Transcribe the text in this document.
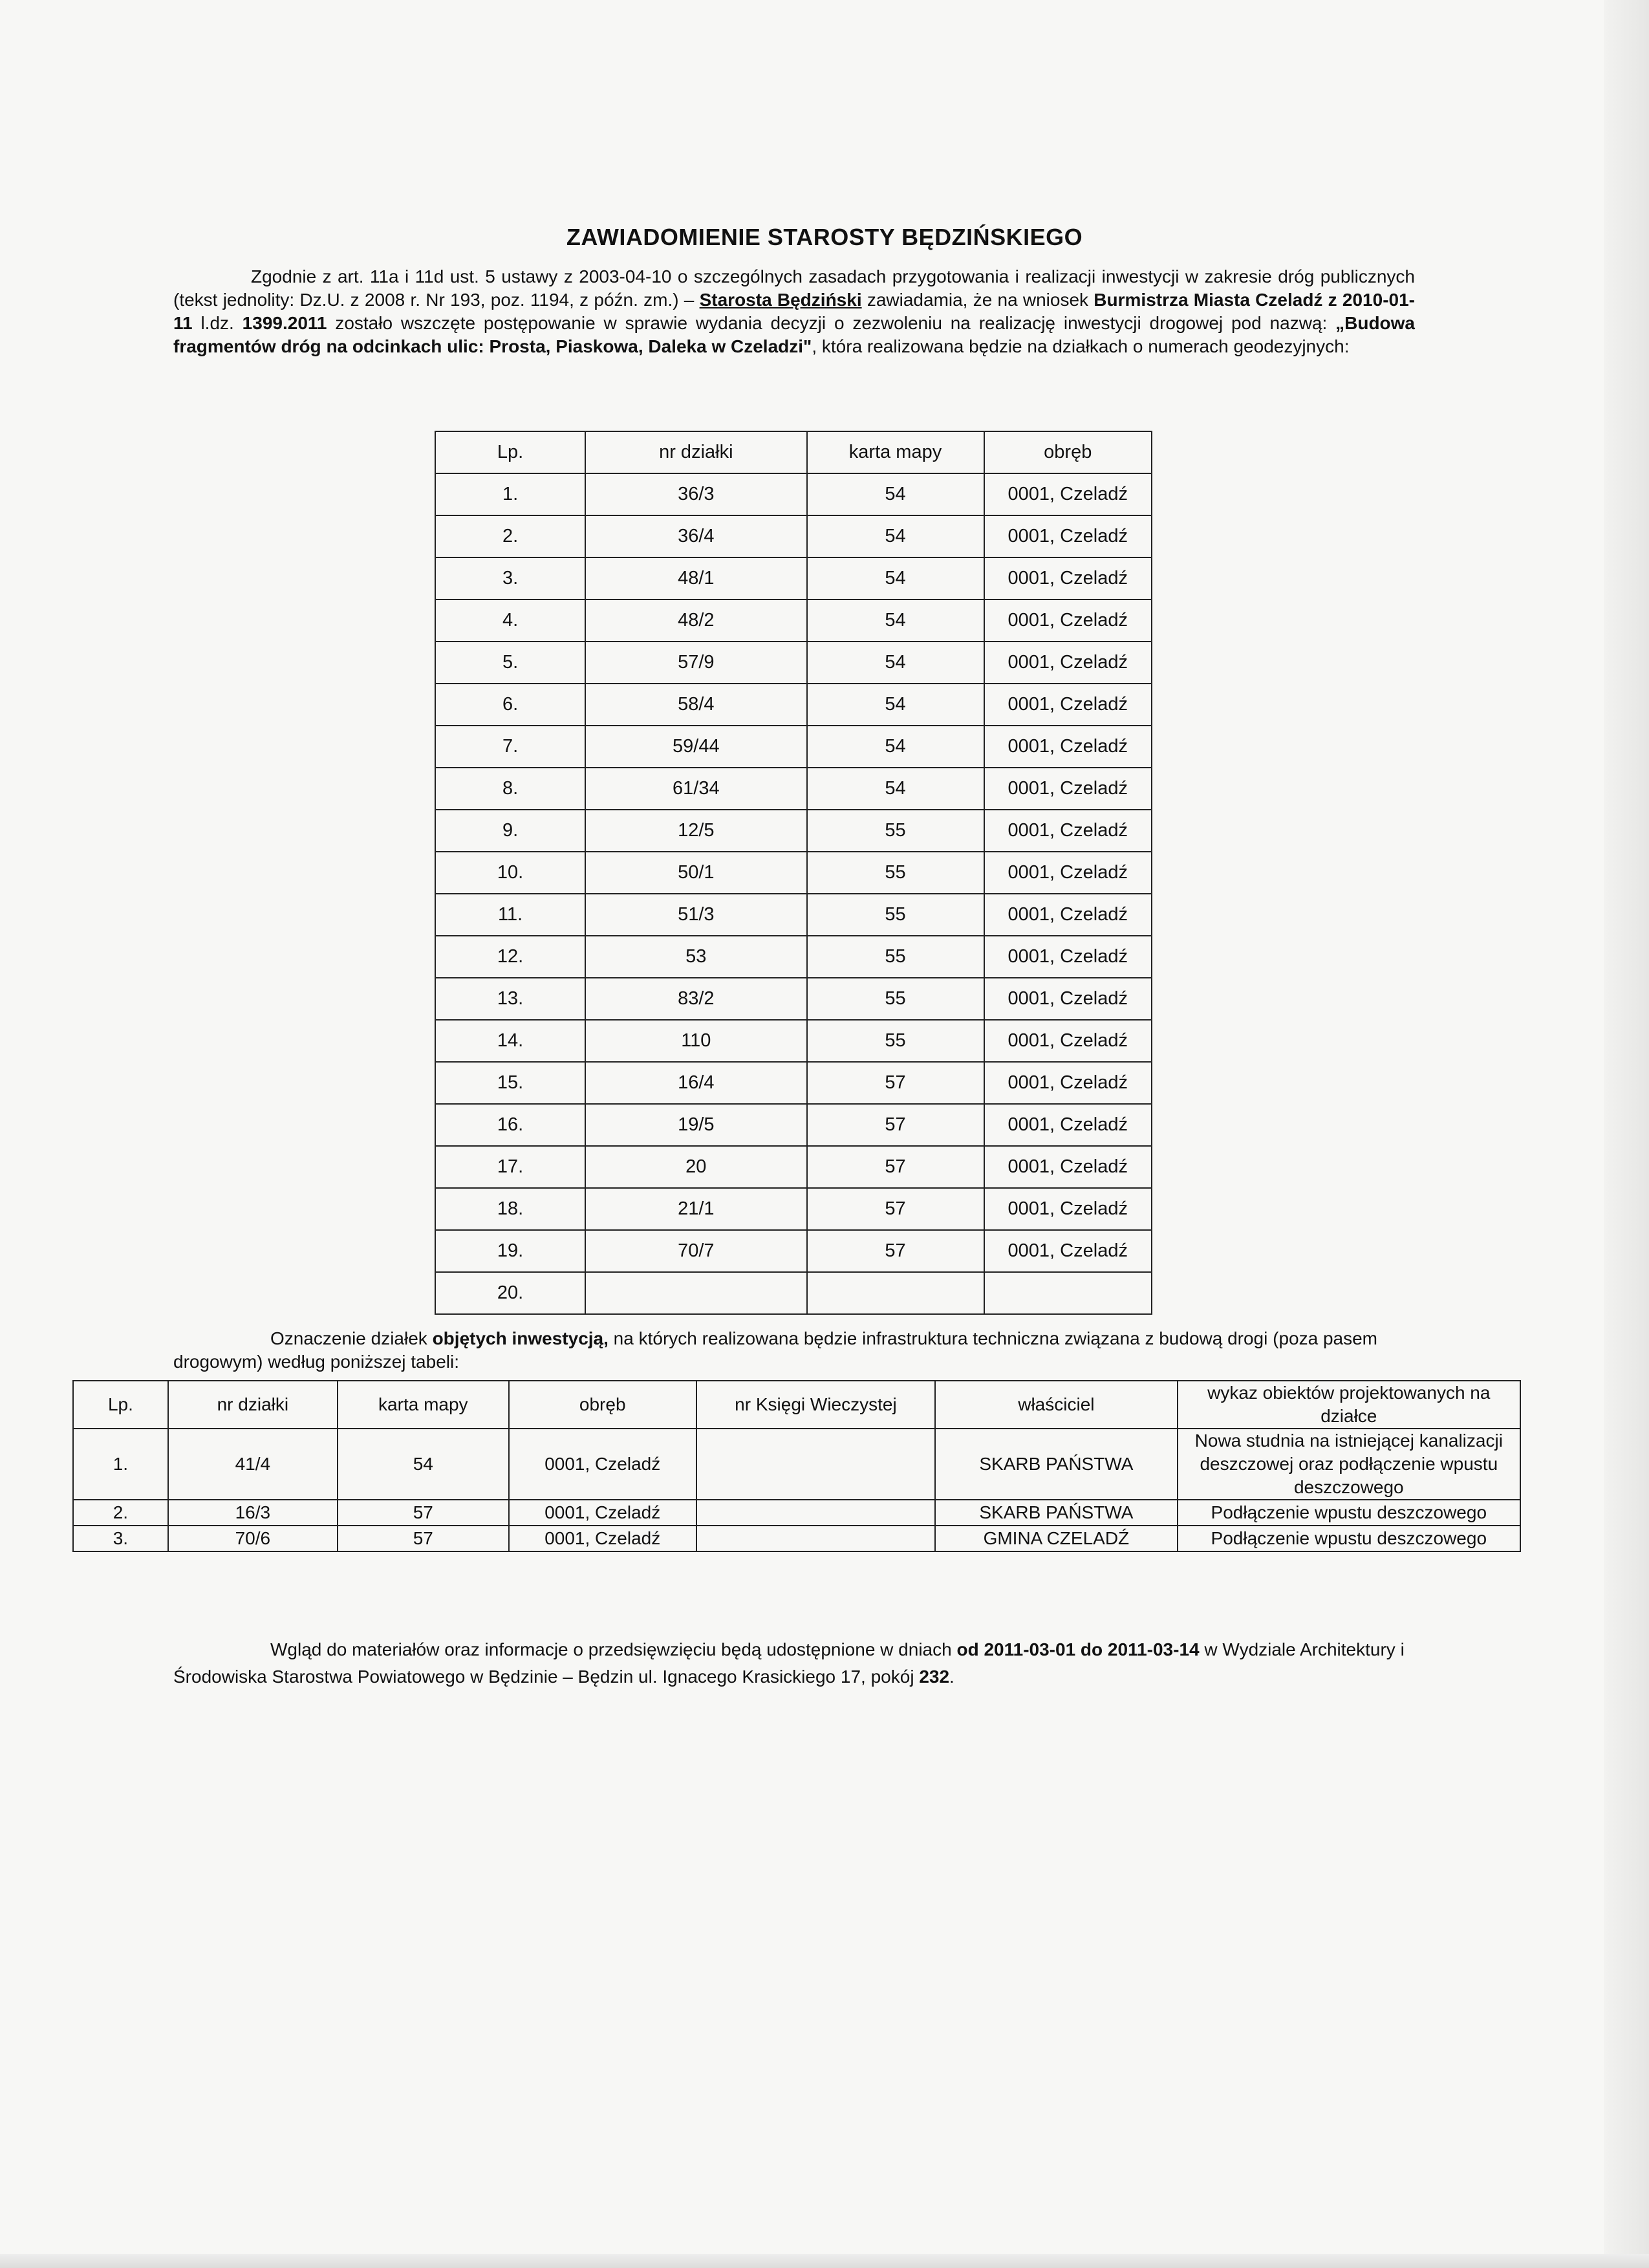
ZAWIADOMIENIE STAROSTY BĘDZIŃSKIEGO
Zgodnie z art. 11a i 11d ust. 5 ustawy z 2003-04-10 o szczególnych zasadach przygotowania i realizacji inwestycji w zakresie dróg publicznych (tekst jednolity: Dz.U. z 2008 r. Nr 193, poz. 1194, z późn. zm.) – Starosta Będziński zawiadamia, że na wniosek Burmistrza Miasta Czeladź z 2010-01-11 l.dz. 1399.2011 zostało wszczęte postępowanie w sprawie wydania decyzji o zezwoleniu na realizację inwestycji drogowej pod nazwą: „Budowa fragmentów dróg na odcinkach ulic: Prosta, Piaskowa, Daleka w Czeladzi", która realizowana będzie na działkach o numerach geodezyjnych:
Lp.	nr działki	karta mapy	obręb
1.	36/3	54	0001, Czeladź
2.	36/4	54	0001, Czeladź
3.	48/1	54	0001, Czeladź
4.	48/2	54	0001, Czeladź
5.	57/9	54	0001, Czeladź
6.	58/4	54	0001, Czeladź
7.	59/44	54	0001, Czeladź
8.	61/34	54	0001, Czeladź
9.	12/5	55	0001, Czeladź
10.	50/1	55	0001, Czeladź
11.	51/3	55	0001, Czeladź
12.	53	55	0001, Czeladź
13.	83/2	55	0001, Czeladź
14.	110	55	0001, Czeladź
15.	16/4	57	0001, Czeladź
16.	19/5	57	0001, Czeladź
17.	20	57	0001, Czeladź
18.	21/1	57	0001, Czeladź
19.	70/7	57	0001, Czeladź
20.			
Oznaczenie działek objętych inwestycją, na których realizowana będzie infrastruktura techniczna związana z budową drogi (poza pasem drogowym) według poniższej tabeli:
Lp.	nr działki	karta mapy	obręb	nr Księgi Wieczystej	właściciel	wykaz obiektów projektowanych na działce
1.	41/4	54	0001, Czeladź		SKARB PAŃSTWA	Nowa studnia na istniejącej kanalizacji deszczowej oraz podłączenie wpustu deszczowego
2.	16/3	57	0001, Czeladź		SKARB PAŃSTWA	Podłączenie wpustu deszczowego
3.	70/6	57	0001, Czeladź		GMINA CZELADŹ	Podłączenie wpustu deszczowego
Wgląd do materiałów oraz informacje o przedsięwzięciu będą udostępnione w dniach od 2011-03-01 do 2011-03-14 w Wydziale Architektury i Środowiska Starostwa Powiatowego w Będzinie – Będzin ul. Ignacego Krasickiego 17, pokój 232.
